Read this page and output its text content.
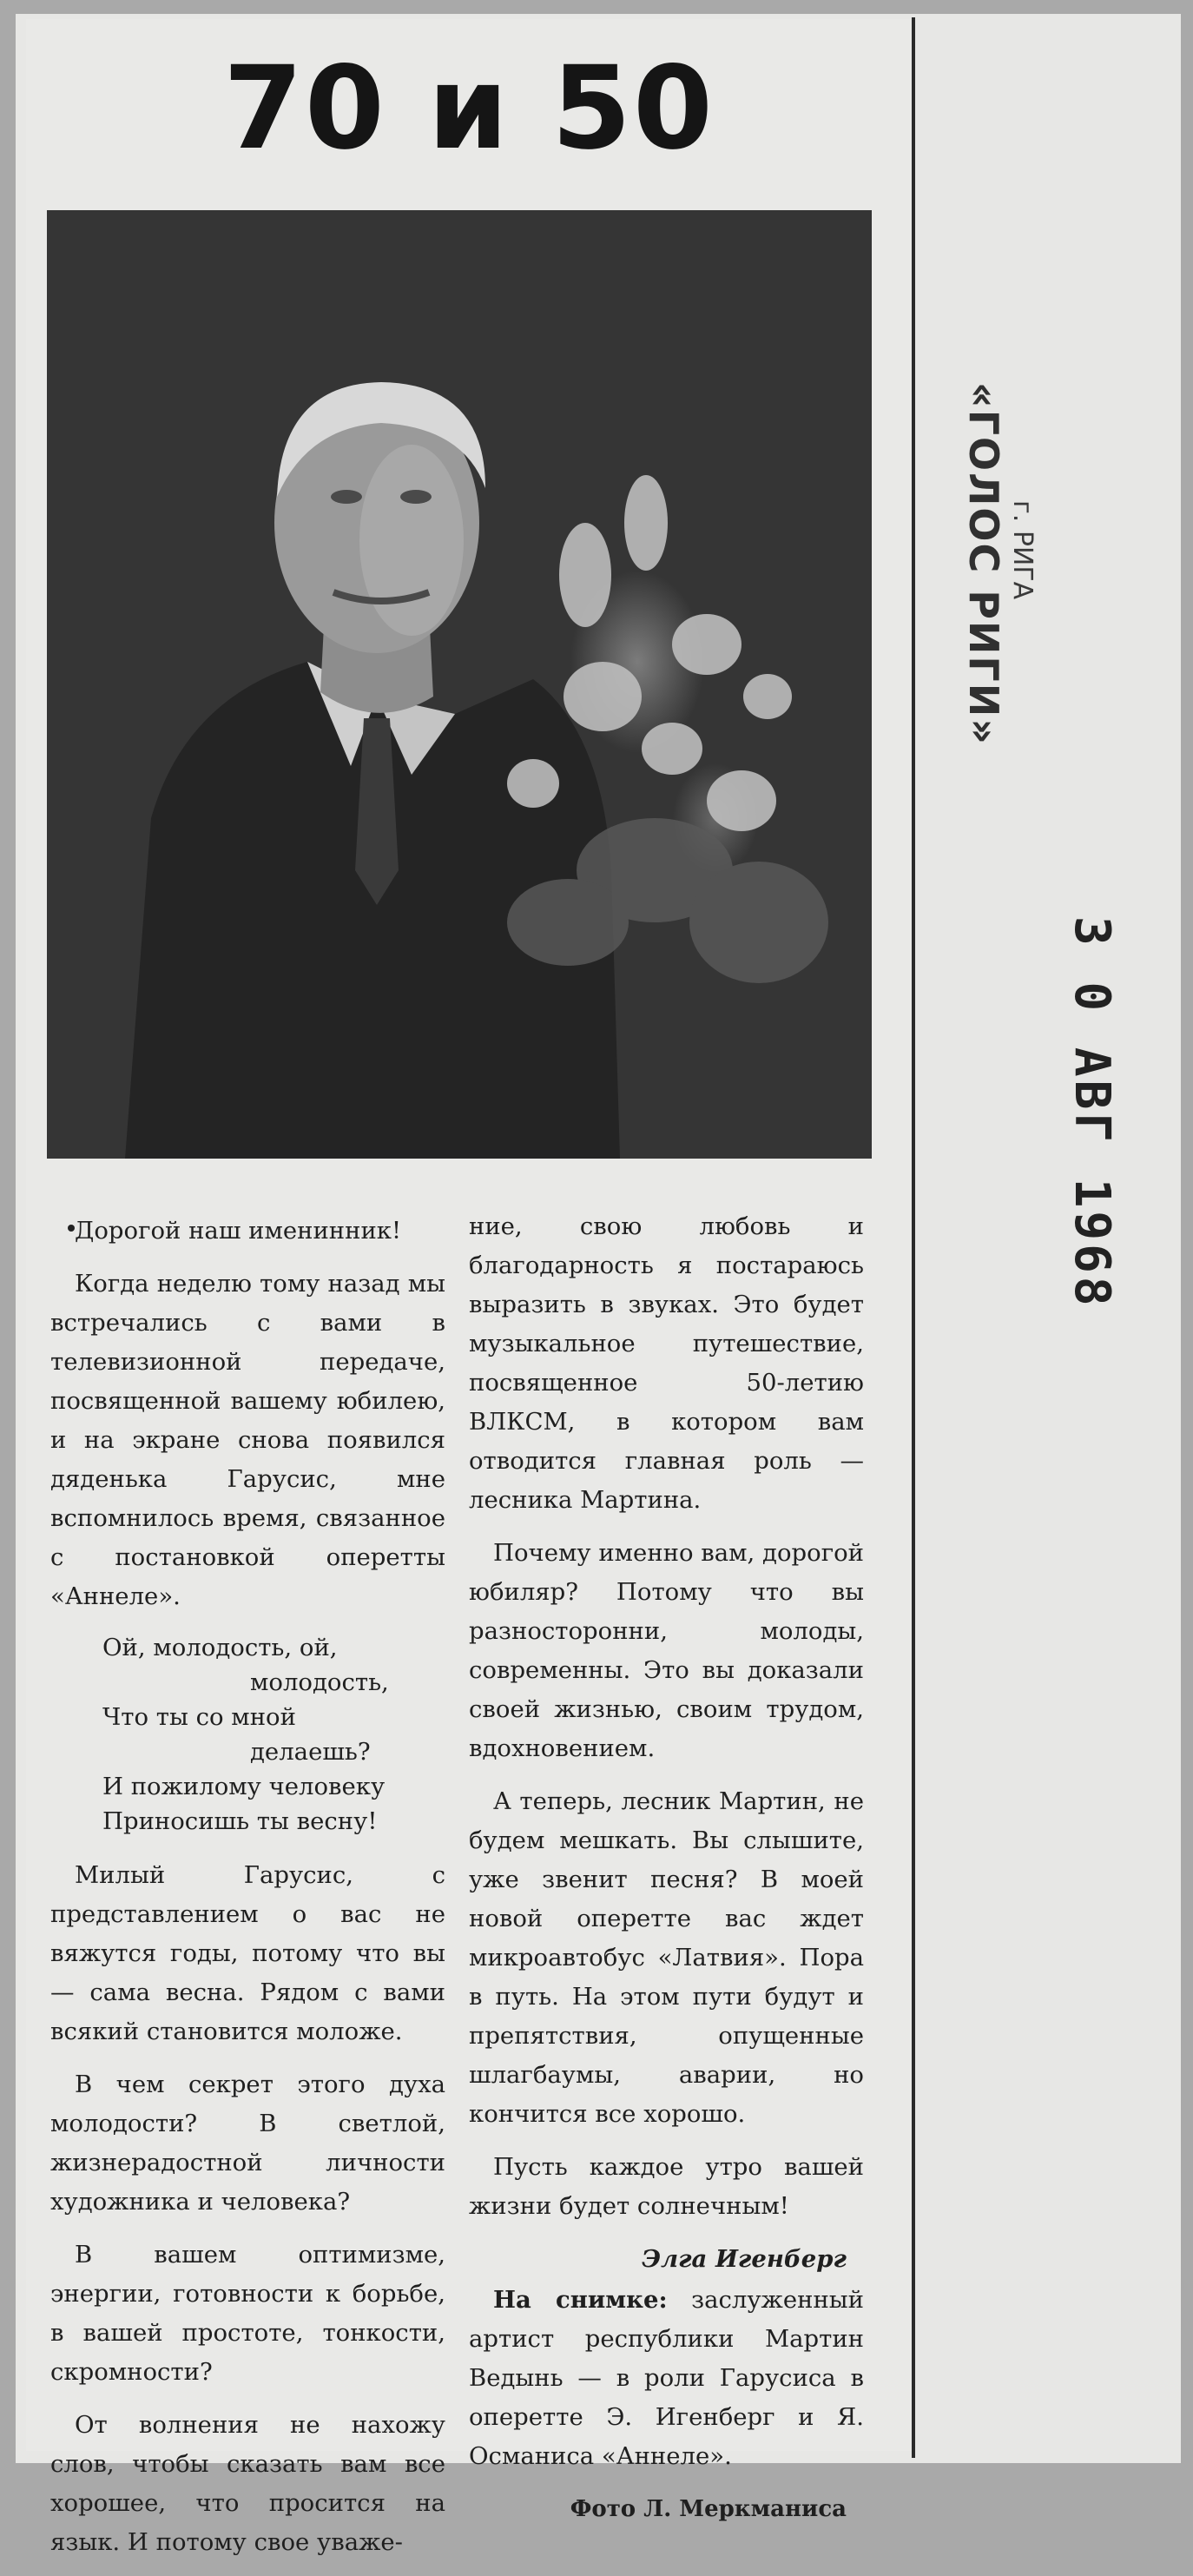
70 и 50

Дорогой наш именинник!

Когда неделю тому назад мы встречались с вами в телевизионной передаче, посвященной вашему юбилею, и на экране снова появился дяденька Гарусис, мне вспомнилось время, связанное с постановкой оперетты «Аннеле».

Ой, молодость, ой,
молодость,
Что ты со мной
делаешь?
И пожилому человеку
Приносишь ты весну!

Милый Гарусис, с представлением о вас не вяжутся годы, потому что вы — сама весна. Рядом с вами всякий становится моложе.

В чем секрет этого духа молодости? В светлой, жизнерадостной личности художника и человека?

В вашем оптимизме, энергии, готовности к борьбе, в вашей простоте, тонкости, скромности?

От волнения не нахожу слов, чтобы сказать вам все хорошее, что просится на язык. И потому свое уваже-

ние, свою любовь и благодарность я постараюсь выразить в звуках. Это будет музыкальное путешествие, посвященное 50-летию ВЛКСМ, в котором вам отводится главная роль — лесника Мартина.

Почему именно вам, дорогой юбиляр? Потому что вы разносторонни, молоды, современны. Это вы доказали своей жизнью, своим трудом, вдохновением.

А теперь, лесник Мартин, не будем мешкать. Вы слышите, уже звенит песня? В моей новой оперетте вас ждет микроавтобус «Латвия». Пора в путь. На этом пути будут и препятствия, опущенные шлагбаумы, аварии, но кончится все хорошо.

Пусть каждое утро вашей жизни будет солнечным!

Элга Игенберг

На снимке: заслуженный артист республики Мартин Ведынь — в роли Гарусиса в оперетте Э. Игенберг и Я. Османиса «Аннеле».

Фото Л. Меркманиса
«ГОЛОС РИГИ» г. РИГА
3 0 АВГ 1968
